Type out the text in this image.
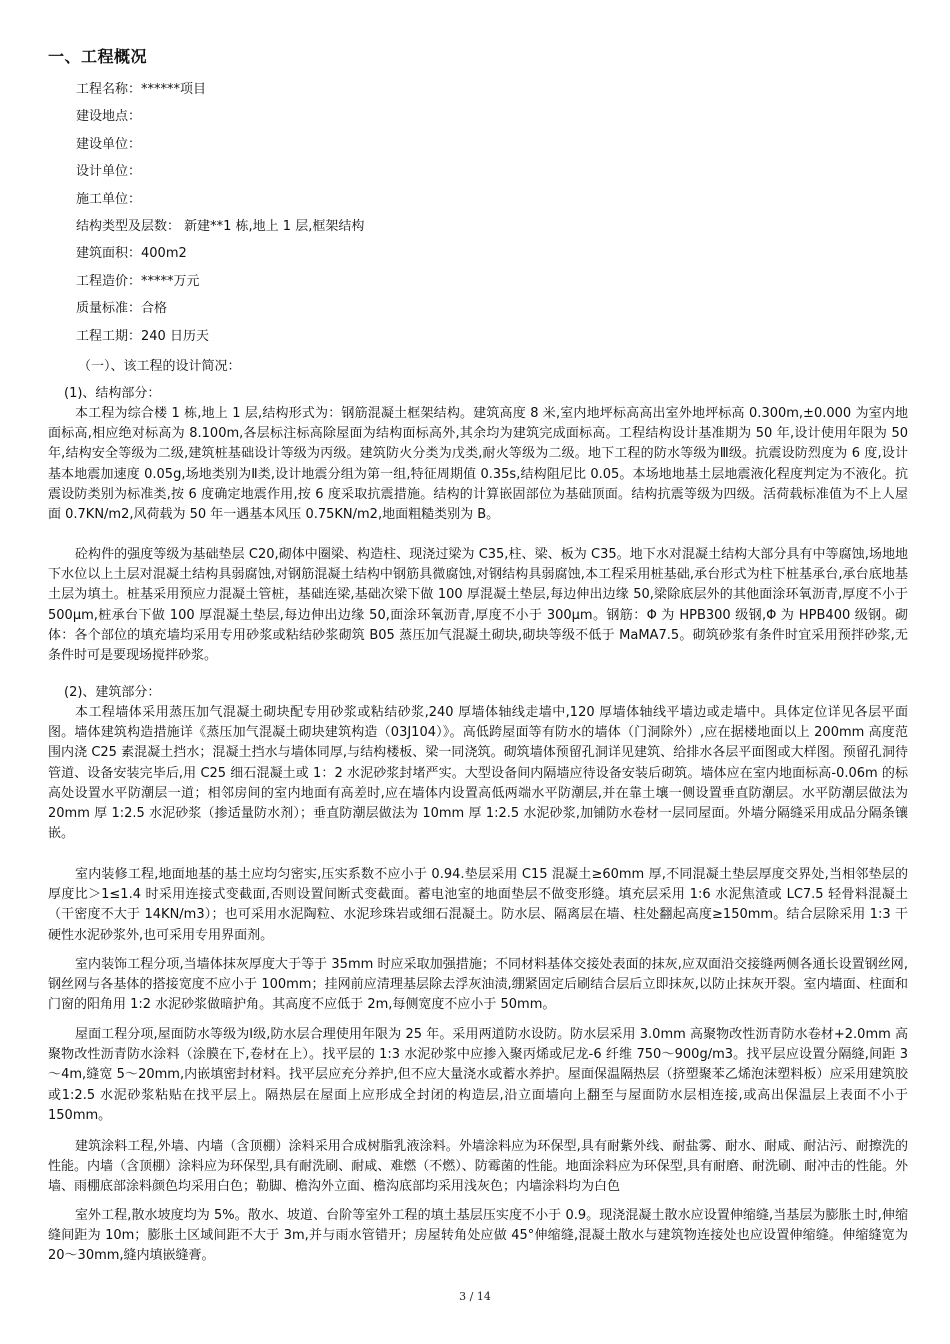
一、工程概况
工程名称：******项目
建设地点：
建设单位：
设计单位：
施工单位：
结构类型及层数： 新建**1 栋,地上 1 层,框架结构
建筑面积：400m2
工程造价：*****万元
质量标准：合格
工程工期：240 日历天
（一）、该工程的设计简况：
(1)、结构部分：

本工程为综合楼 1 栋,地上 1 层,结构形式为：钢筋混凝土框架结构。建筑高度 8 米,室内地坪标高高出室外地坪标高 0.300m,±0.000 为室内地面标高,相应绝对标高为 8.100m,各层标注标高除屋面为结构面标高外,其余均为建筑完成面标高。工程结构设计基准期为 50 年,设计使用年限为 50 年,结构安全等级为二级,建筑桩基础设计等级为丙级。建筑防火分类为戊类,耐火等级为二级。地下工程的防水等级为Ⅲ级。抗震设防烈度为 6 度,设计基本地震加速度 0.05g,场地类别为Ⅱ类,设计地震分组为第一组,特征周期值 0.35s,结构阻尼比 0.05。本场地地基土层地震液化程度判定为不液化。抗震设防类别为标准类,按 6 度确定地震作用,按 6 度采取抗震措施。结构的计算嵌固部位为基础顶面。结构抗震等级为四级。活荷载标准值为不上人屋面 0.7KN/m2,风荷载为 50 年一遇基本风压 0.75KN/m2,地面粗糙类别为 B。

砼构件的强度等级为基础垫层 C20,砌体中圈梁、构造柱、现浇过梁为 C35,柱、梁、板为 C35。地下水对混凝土结构大部分具有中等腐蚀,场地地下水位以上土层对混凝土结构具弱腐蚀,对钢筋混凝土结构中钢筋具微腐蚀,对钢结构具弱腐蚀,本工程采用桩基础,承台形式为柱下桩基承台,承台底地基土层为填土。桩基采用预应力混凝土管桩，基础连梁,基础次梁下做 100 厚混凝土垫层,每边伸出边缘 50,梁除底层外的其他面涂环氧沥青,厚度不小于 500μm,桩承台下做 100 厚混凝土垫层,每边伸出边缘 50,面涂环氧沥青,厚度不小于 300μm。钢筋：Φ 为 HPB300 级钢,Φ 为 HPB400 级钢。砌体：各个部位的填充墙均采用专用砂浆或粘结砂浆砌筑 B05 蒸压加气混凝土砌块,砌块等级不低于 MaMA7.5。砌筑砂浆有条件时宜采用预拌砂浆,无条件时可是要现场搅拌砂浆。

(2)、建筑部分：

本工程墙体采用蒸压加气混凝土砌块配专用砂浆或粘结砂浆,240 厚墙体轴线走墙中,120 厚墙体轴线平墙边或走墙中。具体定位详见各层平面图。墙体建筑构造措施详《蒸压加气混凝土砌块建筑构造（03J104）》。高低跨屋面等有防水的墙体（门洞除外）,应在据楼地面以上 200mm 高度范围内浇 C25 素混凝土挡水；混凝土挡水与墙体同厚,与结构楼板、梁一同浇筑。砌筑墙体预留孔洞详见建筑、给排水各层平面图或大样图。预留孔洞待管道、设备安装完毕后,用 C25 细石混凝土或 1：2 水泥砂浆封堵严实。大型设备间内隔墙应待设备安装后砌筑。墙体应在室内地面标高-0.06m 的标高处设置水平防潮层一道；相邻房间的室内地面有高差时,应在墙体内设置高低两端水平防潮层,并在靠土壤一侧设置垂直防潮层。水平防潮层做法为 20mm 厚 1:2.5 水泥砂浆（掺适量防水剂）；垂直防潮层做法为 10mm 厚 1:2.5 水泥砂浆,加铺防水卷材一层同屋面。外墙分隔缝采用成品分隔条镶嵌。

室内装修工程,地面地基的基土应均匀密实,压实系数不应小于 0.94.垫层采用 C15 混凝土≥60mm 厚,不同混凝土垫层厚度交界处,当相邻垫层的厚度比＞1≤1.4 时采用连接式变截面,否则设置间断式变截面。蓄电池室的地面垫层不做变形缝。填充层采用 1:6 水泥焦渣或 LC7.5 轻骨料混凝土（干密度不大于 14KN/m3）；也可采用水泥陶粒、水泥珍珠岩或细石混凝土。防水层、隔离层在墙、柱处翻起高度≥150mm。结合层除采用 1:3 干硬性水泥砂浆外,也可采用专用界面剂。

室内装饰工程分项,当墙体抹灰厚度大于等于 35mm 时应采取加强措施；不同材料基体交接处表面的抹灰,应双面沿交接缝两侧各通长设置钢丝网,钢丝网与各基体的搭接宽度不应小于 100mm；挂网前应清理基层除去浮灰油渍,绷紧固定后刷结合层后立即抹灰,以防止抹灰开裂。室内墙面、柱面和门窗的阳角用 1:2 水泥砂浆做暗护角。其高度不应低于 2m,每侧宽度不应小于 50mm。

屋面工程分项,屋面防水等级为Ⅰ级,防水层合理使用年限为 25 年。采用两道防水设防。防水层采用 3.0mm 高聚物改性沥青防水卷材+2.0mm 高聚物改性沥青防水涂料（涂膜在下,卷材在上）。找平层的 1:3 水泥砂浆中应掺入聚丙烯或尼龙-6 纤维 750～900g/m3。找平层应设置分隔缝,间距 3～4m,缝宽 5～20mm,内嵌填密封材料。找平层应充分养护,但不应大量浇水或蓄水养护。屋面保温隔热层（挤塑聚苯乙烯泡沫塑料板）应采用建筑胶或1:2.5 水泥砂浆粘贴在找平层上。隔热层在屋面上应形成全封闭的构造层,沿立面墙向上翻至与屋面防水层相连接,或高出保温层上表面不小于 150mm。

建筑涂料工程,外墙、内墙（含顶棚）涂料采用合成树脂乳液涂料。外墙涂料应为环保型,具有耐紫外线、耐盐雾、耐水、耐咸、耐沾污、耐擦洗的性能。内墙（含顶棚）涂料应为环保型,具有耐洗刷、耐咸、难燃（不燃）、防霉菌的性能。地面涂料应为环保型,具有耐磨、耐洗刷、耐冲击的性能。外墙、雨棚底部涂料颜色均采用白色；勒脚、檐沟外立面、檐沟底部均采用浅灰色；内墙涂料均为白色

室外工程,散水坡度均为 5%。散水、坡道、台阶等室外工程的填土基层压实度不小于 0.9。现浇混凝土散水应设置伸缩缝,当基层为膨胀土时,伸缩缝间距为 10m；膨胀土区域间距不大于 3m,并与雨水管错开；房屋转角处应做 45°伸缩缝,混凝土散水与建筑物连接处也应设置伸缩缝。伸缩缝宽为 20～30mm,缝内填嵌缝膏。

3 / 14
